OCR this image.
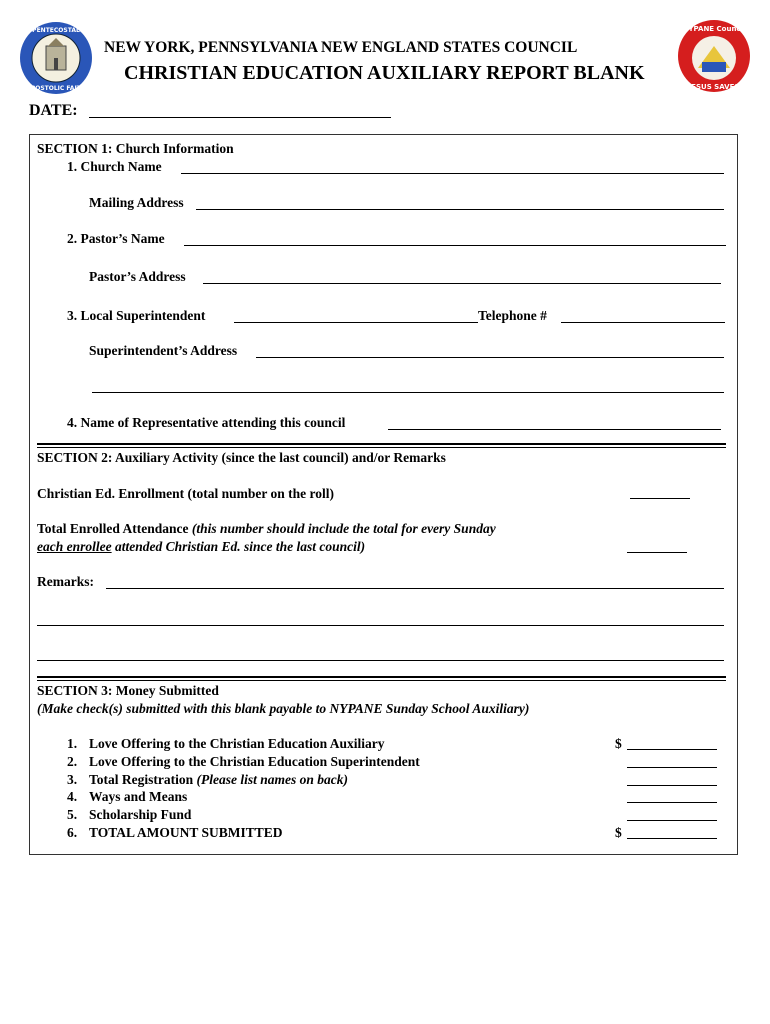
PENTECOSTAL
APOSTOLIC FAITH
NYPANE Council
JESUS SAVES
NEW YORK, PENNSYLVANIA NEW ENGLAND STATES COUNCIL
CHRISTIAN EDUCATION AUXILIARY REPORT BLANK
DATE:
SECTION 1: Church Information
1. Church Name
Mailing Address
2. Pastor’s Name
Pastor’s Address
3. Local Superintendent	Telephone #
Superintendent’s Address
4. Name of Representative attending this council
SECTION 2: Auxiliary Activity (since the last council) and/or Remarks
Christian Ed. Enrollment (total number on the roll)
Total Enrolled Attendance (this number should include the total for every Sunday
each enrollee attended Christian Ed. since the last council)
Remarks:
SECTION 3: Money Submitted
(Make check(s) submitted with this blank payable to NYPANE Sunday School Auxiliary)
1. Love Offering to the Christian Education Auxiliary	$
2. Love Offering to the Christian Education Superintendent
3. Total Registration (Please list names on back)
4. Ways and Means
5. Scholarship Fund
6. TOTAL AMOUNT SUBMITTED	$
